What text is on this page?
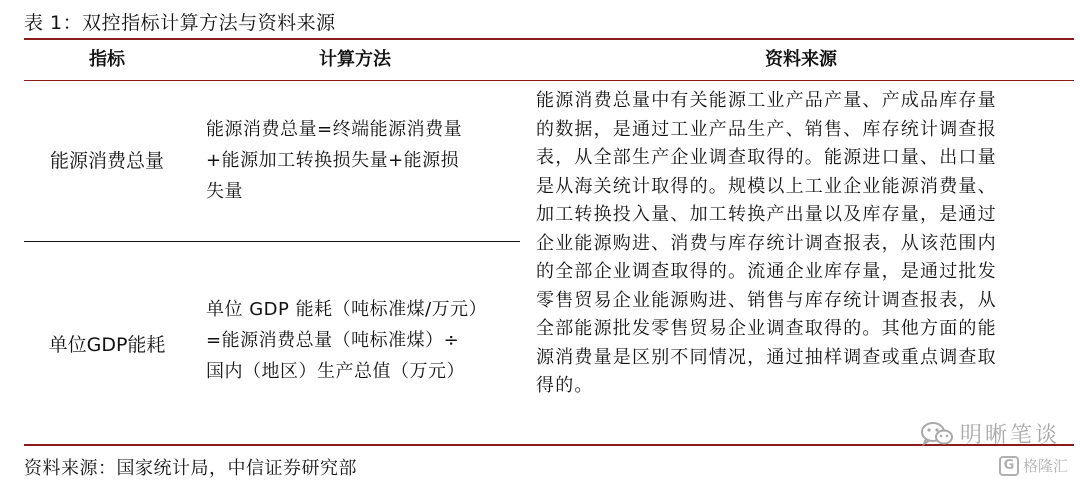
表 1：双控指标计算方法与资料来源
指标	计算方法	资料来源
能源消费总量
能源消费总量=终端能源消费量
+能源加工转换损失量+能源损
失量
单位GDP能耗
单位 GDP 能耗（吨标准煤/万元）
=能源消费总量（吨标准煤）÷
国内（地区）生产总值（万元）
能源消费总量中有关能源工业产品产量、产成品库存量
的数据，是通过工业产品生产、销售、库存统计调查报
表，从全部生产企业调查取得的。能源进口量、出口量
是从海关统计取得的。规模以上工业企业能源消费量、
加工转换投入量、加工转换产出量以及库存量，是通过
企业能源购进、消费与库存统计调查报表，从该范围内
的全部企业调查取得的。流通企业库存量，是通过批发
零售贸易企业能源购进、销售与库存统计调查报表，从
全部能源批发零售贸易企业调查取得的。其他方面的能
源消费量是区别不同情况，通过抽样调查或重点调查取
得的。
资料来源：国家统计局，中信证券研究部
明晰笔谈
G 格隆汇
